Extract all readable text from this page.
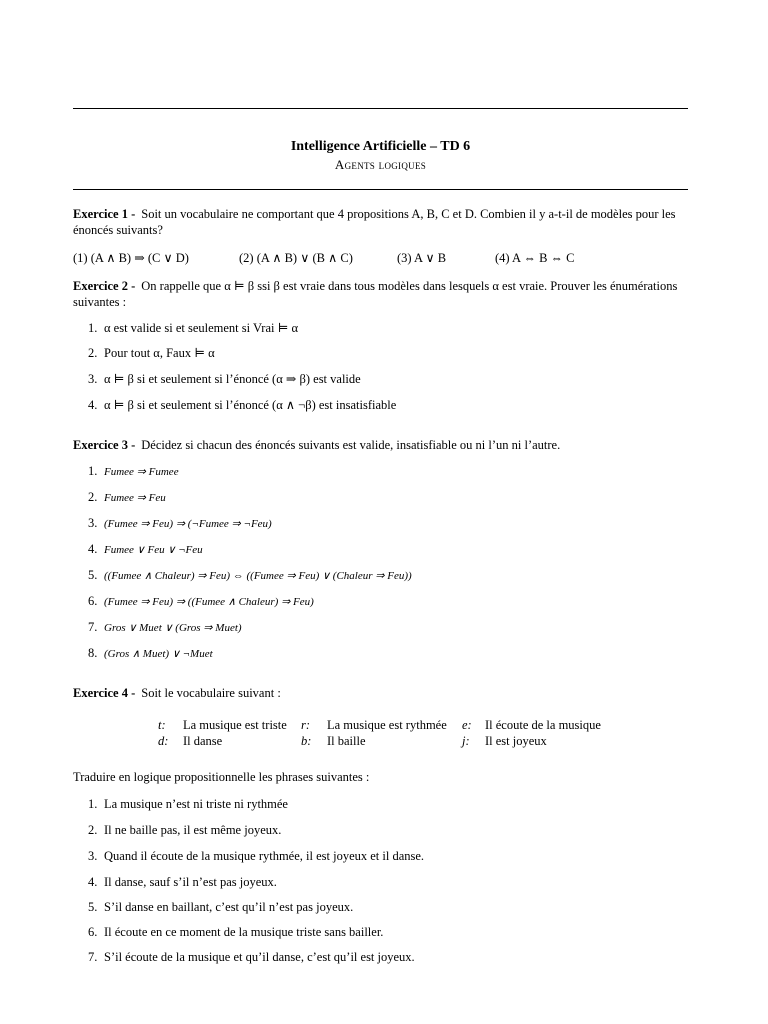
Intelligence Artificielle – TD 6
Agents logiques
Exercice 1 - Soit un vocabulaire ne comportant que 4 propositions A, B, C et D. Combien il y a-t-il de modèles pour les énoncés suivants?
(1) (A ∧ B) ⇒ (C ∨ D)	(2) (A ∧ B) ∨ (B ∧ C)	(3) A ∨ B	(4) A ⇔ B ⇔ C
Exercice 2 - On rappelle que α ⊨ β ssi β est vraie dans tous modèles dans lesquels α est vraie. Prouver les énumérations suivantes :
1. α est valide si et seulement si Vrai ⊨ α
2. Pour tout α, Faux ⊨ α
3. α ⊨ β si et seulement si l’énoncé (α ⇒ β) est valide
4. α ⊨ β si et seulement si l’énoncé (α ∧ ¬β) est insatisfiable
Exercice 3 - Décidez si chacun des énoncés suivants est valide, insatisfiable ou ni l’un ni l’autre.
1. Fumee ⇒ Fumee
2. Fumee ⇒ Feu
3. (Fumee ⇒ Feu) ⇒ (¬Fumee ⇒ ¬Feu)
4. Fumee ∨ Feu ∨ ¬Feu
5. ((Fumee ∧ Chaleur) ⇒ Feu) ⇔ ((Fumee ⇒ Feu) ∨ (Chaleur ⇒ Feu))
6. (Fumee ⇒ Feu) ⇒ ((Fumee ∧ Chaleur) ⇒ Feu)
7. Gros ∨ Muet ∨ (Gros ⇒ Muet)
8. (Gros ∧ Muet) ∨ ¬Muet
Exercice 4 - Soit le vocabulaire suivant :
t: La musique est triste r: La musique est rythmée e: Il écoute de la musique
d: Il danse	b: Il baille	j: Il est joyeux
Traduire en logique propositionnelle les phrases suivantes :
1. La musique n’est ni triste ni rythmée
2. Il ne baille pas, il est même joyeux.
3. Quand il écoute de la musique rythmée, il est joyeux et il danse.
4. Il danse, sauf s’il n’est pas joyeux.
5. S’il danse en baillant, c’est qu’il n’est pas joyeux.
6. Il écoute en ce moment de la musique triste sans bailler.
7. S’il écoute de la musique et qu’il danse, c’est qu’il est joyeux.
